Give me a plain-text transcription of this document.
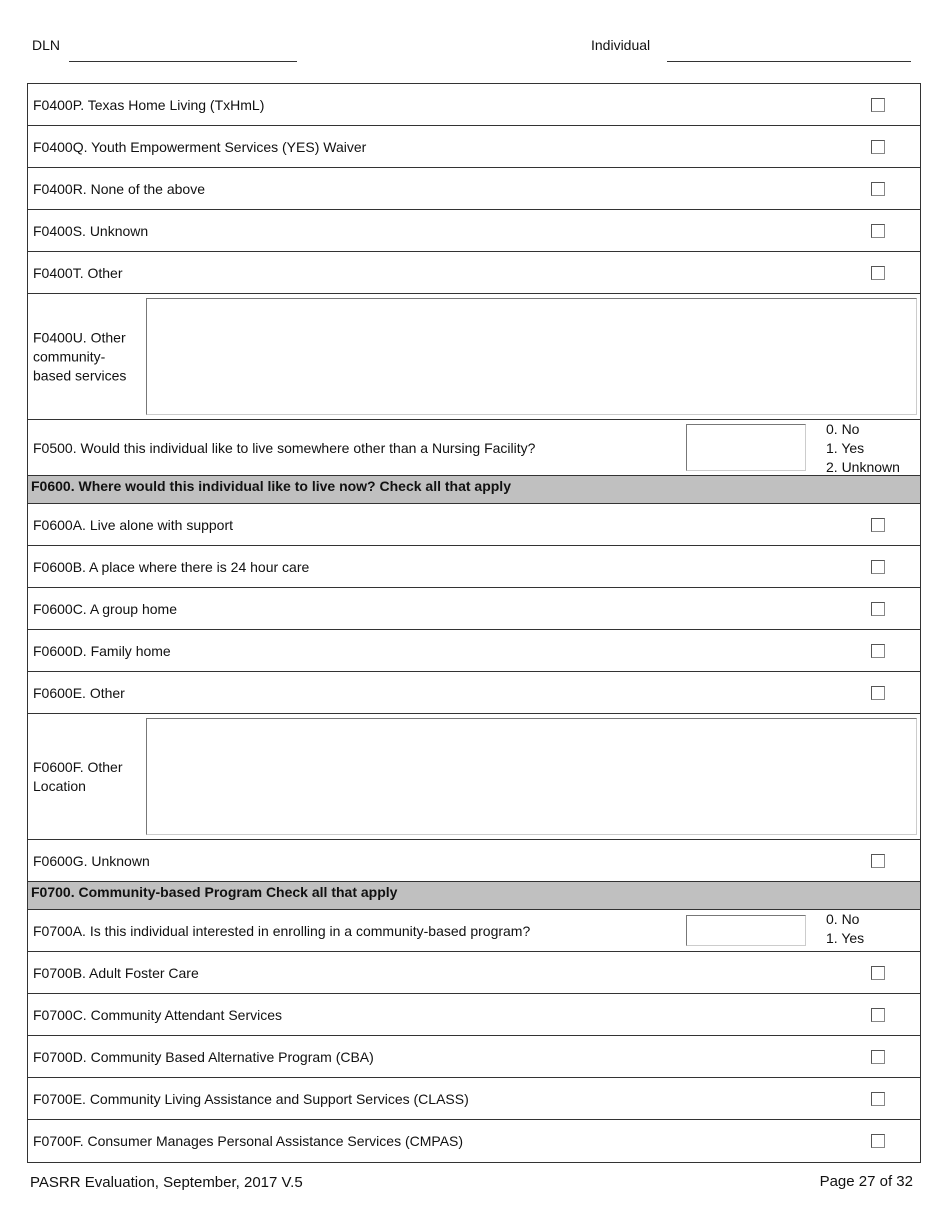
DLN	Individual
F0400P. Texas Home Living (TxHmL)
F0400Q. Youth Empowerment Services (YES) Waiver
F0400R. None of the above
F0400S. Unknown
F0400T. Other
F0400U. Other
community-
based services
F0500. Would this individual like to live somewhere other than a Nursing Facility?
0. No
1. Yes
2. Unknown
F0600. Where would this individual like to live now? Check all that apply
F0600A. Live alone with support
F0600B. A place where there is 24 hour care
F0600C. A group home
F0600D. Family home
F0600E. Other
F0600F. Other
Location
F0600G. Unknown
F0700. Community-based Program Check all that apply
F0700A. Is this individual interested in enrolling in a community-based program?
0. No
1. Yes
F0700B. Adult Foster Care
F0700C. Community Attendant Services
F0700D. Community Based Alternative Program (CBA)
F0700E. Community Living Assistance and Support Services (CLASS)
F0700F. Consumer Manages Personal Assistance Services (CMPAS)
PASRR Evaluation, September, 2017 V.5	Page 27 of 32
